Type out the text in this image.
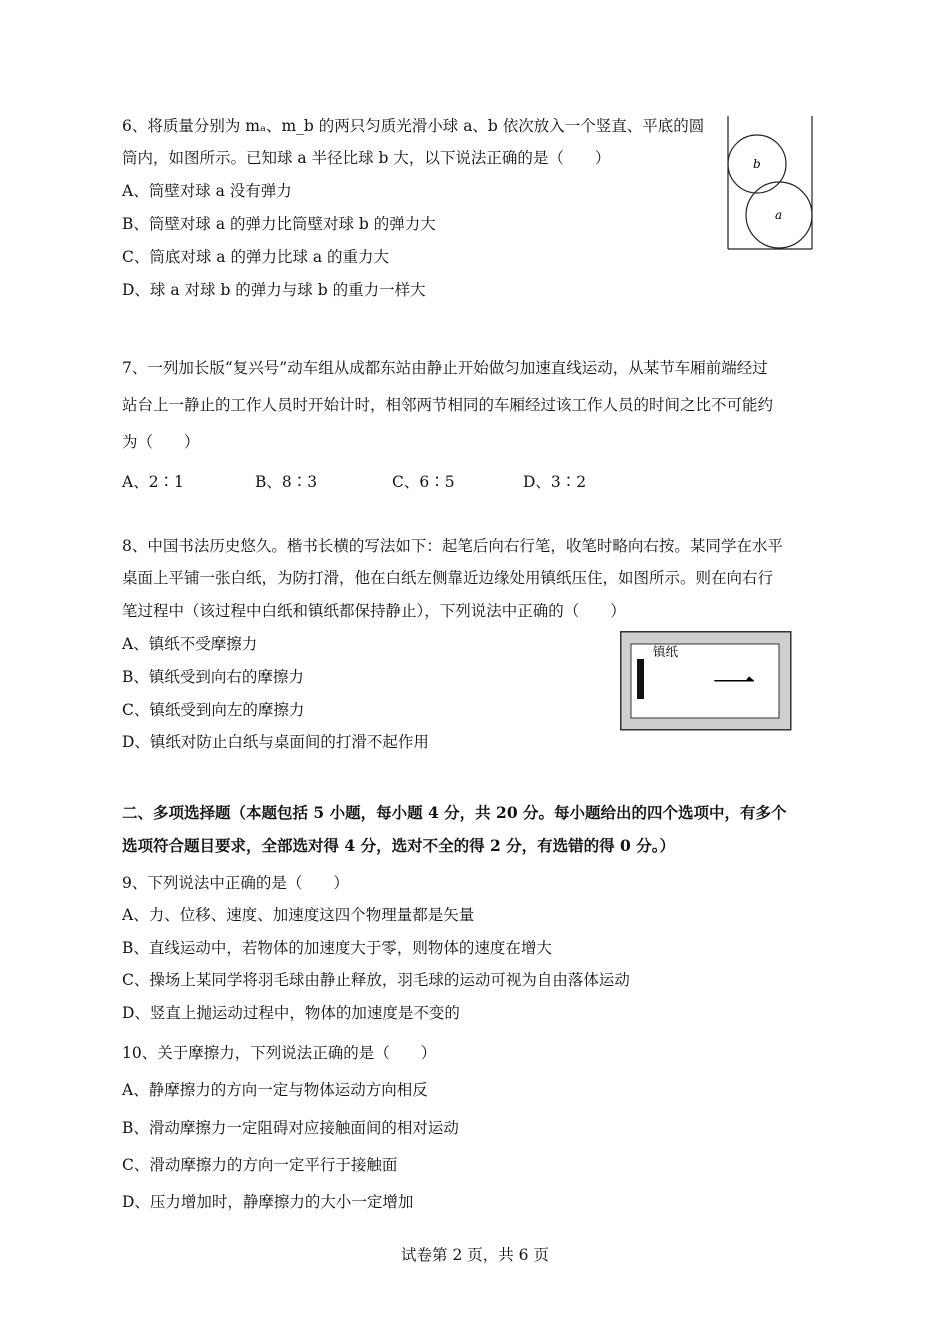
6、将质量分别为 mₐ、m_b 的两只匀质光滑小球 a、b 依次放入一个竖直、平底的圆
筒内，如图所示。已知球 a 半径比球 b 大，以下说法正确的是（　　）
A、筒壁对球 a 没有弹力
B、筒壁对球 a 的弹力比筒壁对球 b 的弹力大
C、筒底对球 a 的弹力比球 a 的重力大
D、球 a 对球 b 的弹力与球 b 的重力一样大
b
a
7、一列加长版“复兴号”动车组从成都东站由静止开始做匀加速直线运动，从某节车厢前端经过
站台上一静止的工作人员时开始计时，相邻两节相同的车厢经过该工作人员的时间之比不可能约
为（　　）
A、2∶1	B、8∶3	C、6∶5	D、3∶2
8、中国书法历史悠久。楷书长横的写法如下：起笔后向右行笔，收笔时略向右按。某同学在水平
桌面上平铺一张白纸，为防打滑，他在白纸左侧靠近边缘处用镇纸压住，如图所示。则在向右行
笔过程中（该过程中白纸和镇纸都保持静止），下列说法中正确的（　　）
A、镇纸不受摩擦力
B、镇纸受到向右的摩擦力
C、镇纸受到向左的摩擦力
D、镇纸对防止白纸与桌面间的打滑不起作用
镇纸
一
二、多项选择题（本题包括 5 小题，每小题 4 分，共 20 分。每小题给出的四个选项中，有多个
选项符合题目要求，全部选对得 4 分，选对不全的得 2 分，有选错的得 0 分。）
9、下列说法中正确的是（　　）
A、力、位移、速度、加速度这四个物理量都是矢量
B、直线运动中，若物体的加速度大于零，则物体的速度在增大
C、操场上某同学将羽毛球由静止释放，羽毛球的运动可视为自由落体运动
D、竖直上抛运动过程中，物体的加速度是不变的
10、关于摩擦力，下列说法正确的是（　　）
A、静摩擦力的方向一定与物体运动方向相反
B、滑动摩擦力一定阻碍对应接触面间的相对运动
C、滑动摩擦力的方向一定平行于接触面
D、压力增加时，静摩擦力的大小一定增加
试卷第 2 页，共 6 页
